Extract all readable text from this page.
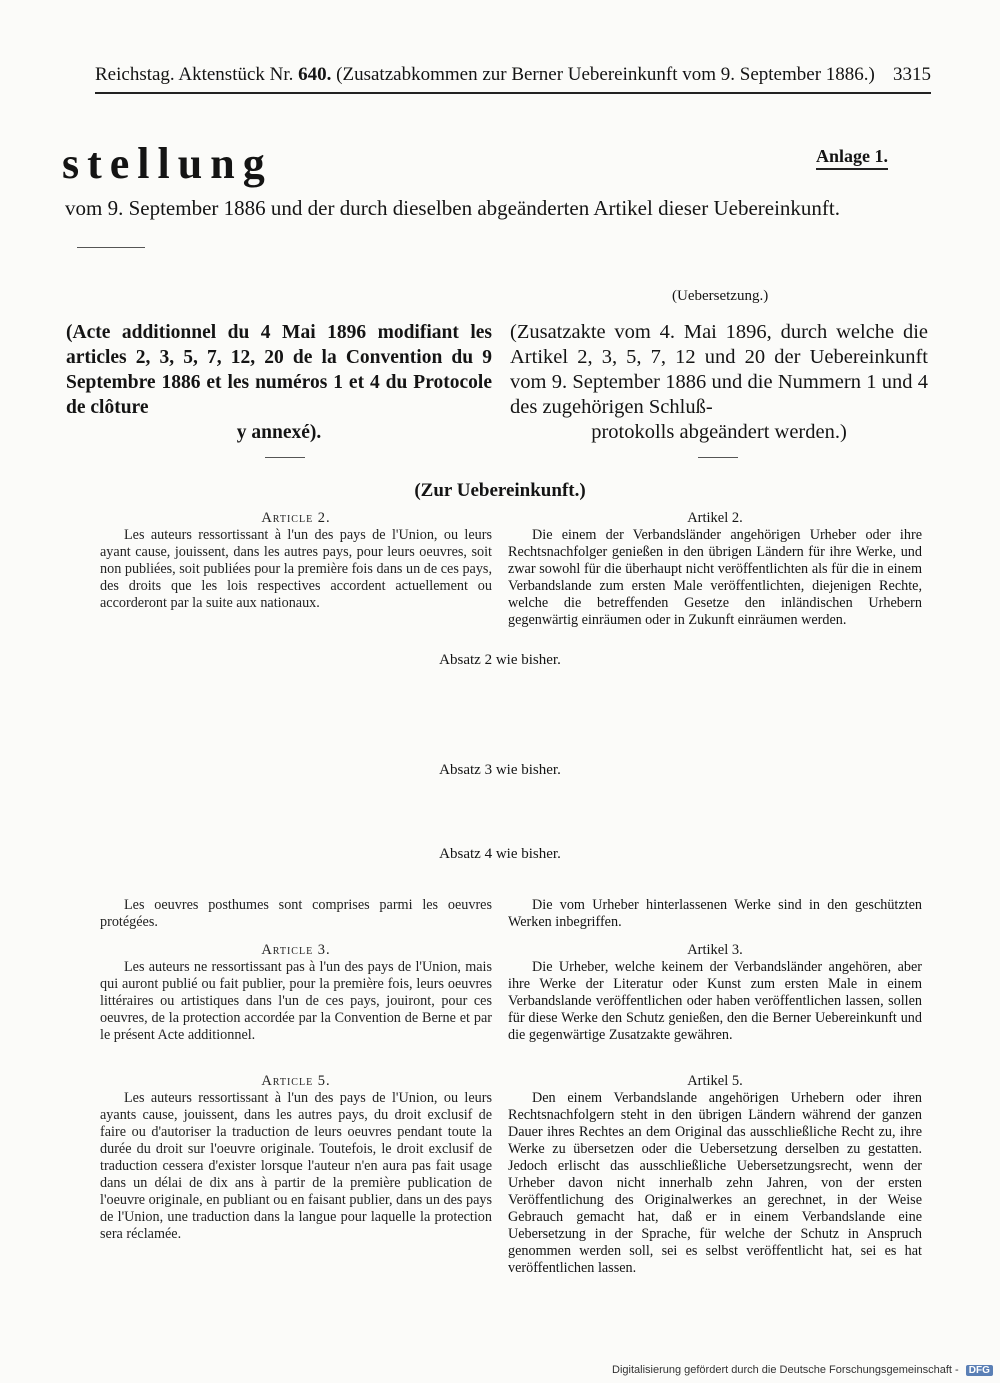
Reichstag. Aktenstück Nr. 640. (Zusatzabkommen zur Berner Uebereinkunft vom 9. September 1886.) 3315
stellung	Anlage 1.
vom 9. September 1886 und der durch dieselben abgeänderten Artikel dieser Uebereinkunft.
(Uebersetzung.)
(Acte additionnel du 4 Mai 1896 modifiant les articles 2, 3, 5, 7, 12, 20 de la Convention du 9 Septembre 1886 et les numéros 1 et 4 du Protocole de clôture
y annexé).
(Zusatzakte vom 4. Mai 1896, durch welche die Artikel 2, 3, 5, 7, 12 und 20 der Uebereinkunft vom 9. September 1886 und die Nummern 1 und 4 des zugehörigen Schluß-
protokolls abgeändert werden.)
(Zur Uebereinkunft.)

Article 2.

Les auteurs ressortissant à l'un des pays de l'Union, ou leurs ayant cause, jouissent, dans les autres pays, pour leurs oeuvres, soit non publiées, soit publiées pour la première fois dans un de ces pays, des droits que les lois respectives accordent actuellement ou accorderont par la suite aux nationaux.

Artikel 2.

Die einem der Verbandsländer angehörigen Urheber oder ihre Rechtsnachfolger genießen in den übrigen Ländern für ihre Werke, und zwar sowohl für die überhaupt nicht veröffentlichten als für die in einem Verbandslande zum ersten Male veröffentlichten, diejenigen Rechte, welche die betreffenden Gesetze den inländischen Urhebern gegenwärtig einräumen oder in Zukunft einräumen werden.

Absatz 2 wie bisher.
Absatz 3 wie bisher.
Absatz 4 wie bisher.

Les oeuvres posthumes sont comprises parmi les oeuvres protégées.

Die vom Urheber hinterlassenen Werke sind in den geschützten Werken inbegriffen.

Article 3.

Les auteurs ne ressortissant pas à l'un des pays de l'Union, mais qui auront publié ou fait publier, pour la première fois, leurs oeuvres littéraires ou artistiques dans l'un de ces pays, jouiront, pour ces oeuvres, de la protection accordée par la Convention de Berne et par le présent Acte additionnel.

Artikel 3.

Die Urheber, welche keinem der Verbandsländer angehören, aber ihre Werke der Literatur oder Kunst zum ersten Male in einem Verbandslande veröffentlichen oder haben veröffentlichen lassen, sollen für diese Werke den Schutz genießen, den die Berner Uebereinkunft und die gegenwärtige Zusatzakte gewähren.

Article 5.

Les auteurs ressortissant à l'un des pays de l'Union, ou leurs ayants cause, jouissent, dans les autres pays, du droit exclusif de faire ou d'autoriser la traduction de leurs oeuvres pendant toute la durée du droit sur l'oeuvre originale. Toutefois, le droit exclusif de traduction cessera d'exister lorsque l'auteur n'en aura pas fait usage dans un délai de dix ans à partir de la première publication de l'oeuvre originale, en publiant ou en faisant publier, dans un des pays de l'Union, une traduction dans la langue pour laquelle la protection sera réclamée.

Artikel 5.

Den einem Verbandslande angehörigen Urhebern oder ihren Rechtsnachfolgern steht in den übrigen Ländern während der ganzen Dauer ihres Rechtes an dem Original das ausschließliche Recht zu, ihre Werke zu übersetzen oder die Uebersetzung derselben zu gestatten. Jedoch erlischt das ausschließliche Uebersetzungsrecht, wenn der Urheber davon nicht innerhalb zehn Jahren, von der ersten Veröffentlichung des Originalwerkes an gerechnet, in der Weise Gebrauch gemacht hat, daß er in einem Verbandslande eine Uebersetzung in der Sprache, für welche der Schutz in Anspruch genommen werden soll, sei es selbst veröffentlicht hat, sei es hat veröffentlichen lassen.

Digitalisierung gefördert durch die Deutsche Forschungsgemeinschaft - DFG
